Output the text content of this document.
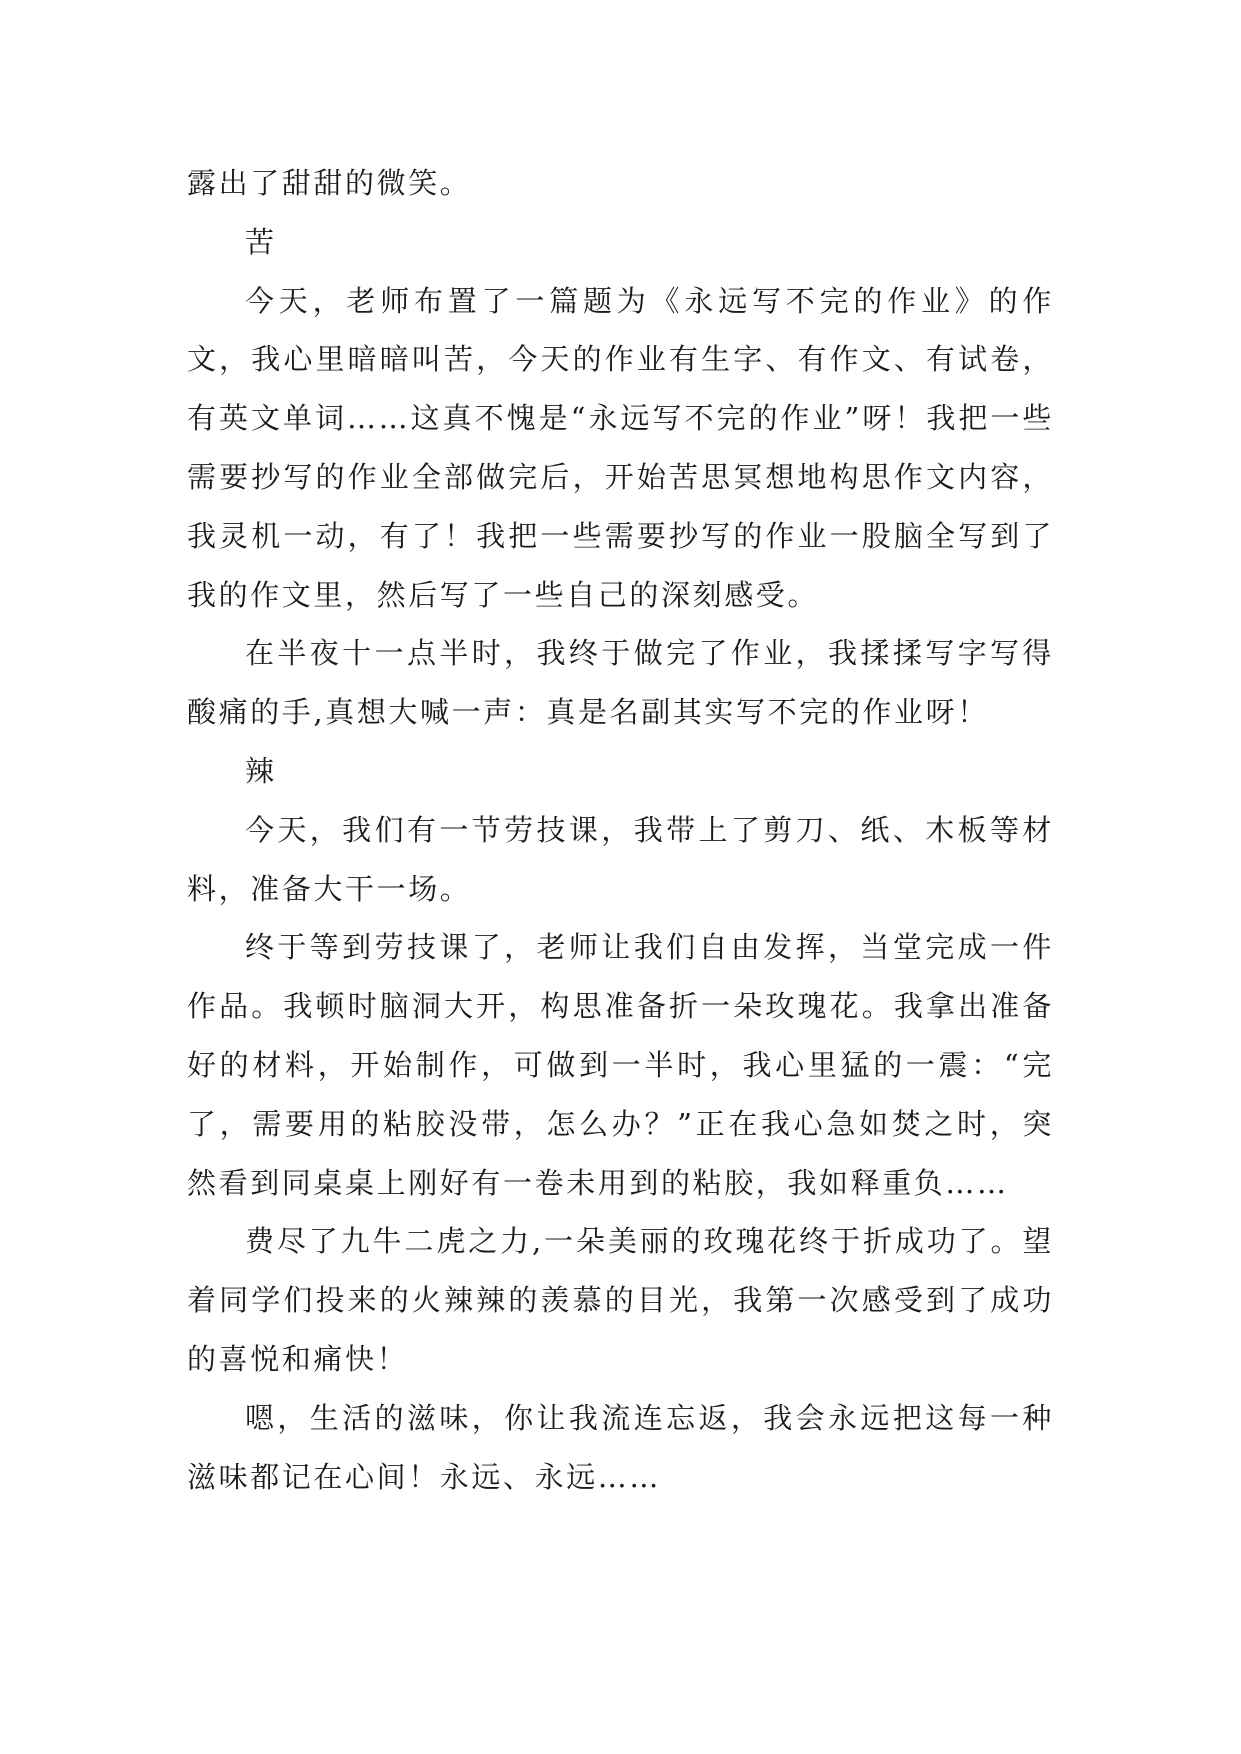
露出了甜甜的微笑。

苦

今天，老师布置了一篇题为《永远写不完的作业》的作文，我心里暗暗叫苦，今天的作业有生字、有作文、有试卷，有英文单词……这真不愧是“永远写不完的作业”呀！我把一些需要抄写的作业全部做完后，开始苦思冥想地构思作文内容，我灵机一动，有了！我把一些需要抄写的作业一股脑全写到了我的作文里，然后写了一些自己的深刻感受。

在半夜十一点半时，我终于做完了作业，我揉揉写字写得酸痛的手,真想大喊一声：真是名副其实写不完的作业呀！

辣

今天，我们有一节劳技课，我带上了剪刀、纸、木板等材料，准备大干一场。

终于等到劳技课了，老师让我们自由发挥，当堂完成一件作品。我顿时脑洞大开，构思准备折一朵玫瑰花。我拿出准备好的材料，开始制作，可做到一半时，我心里猛的一震：“完了，需要用的粘胶没带，怎么办？”正在我心急如焚之时，突然看到同桌桌上刚好有一卷未用到的粘胶，我如释重负……

费尽了九牛二虎之力,一朵美丽的玫瑰花终于折成功了。望着同学们投来的火辣辣的羡慕的目光，我第一次感受到了成功的喜悦和痛快！

嗯，生活的滋味，你让我流连忘返，我会永远把这每一种滋味都记在心间！永远、永远……
